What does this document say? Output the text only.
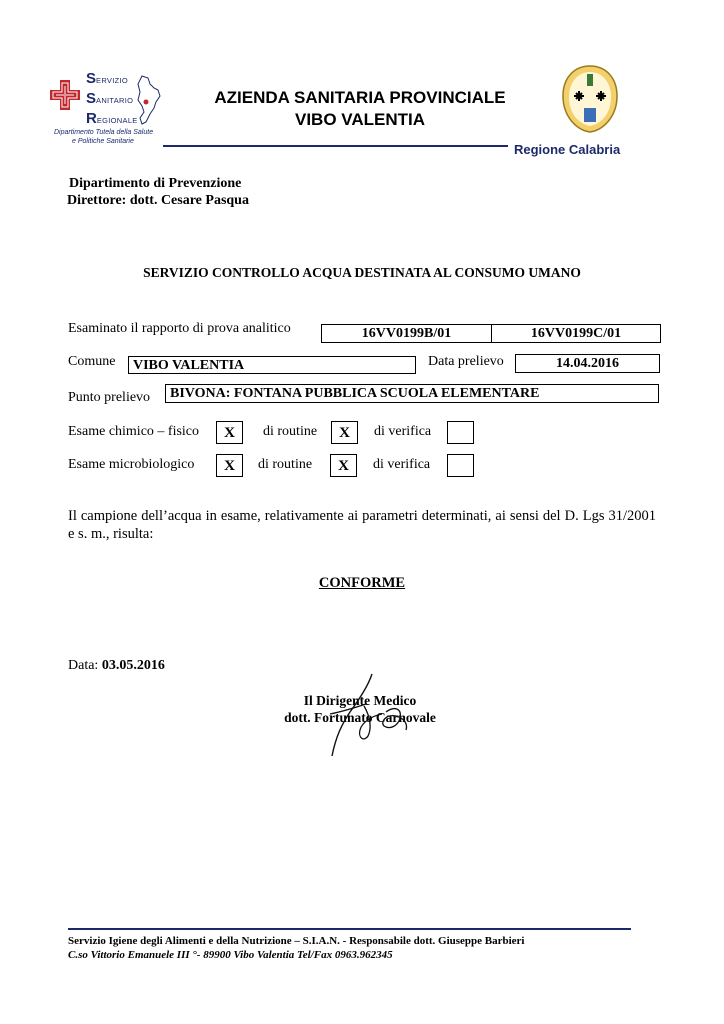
SERVIZIO
SANITARIO
REGIONALE
Dipartimento Tutela della Salute
e Politiche Sanitarie
AZIENDA SANITARIA PROVINCIALE
VIBO VALENTIA
Regione Calabria
Dipartimento di Prevenzione
Direttore: dott. Cesare Pasqua
SERVIZIO CONTROLLO ACQUA DESTINATA AL CONSUMO UMANO
Esaminato il rapporto di prova analitico	16VV0199B/01	16VV0199C/01
Comune	VIBO VALENTIA	Data prelievo	14.04.2016
Punto prelievo	BIVONA: FONTANA PUBBLICA SCUOLA ELEMENTARE
Esame chimico – fisico	X	di routine	X	di verifica
Esame microbiologico	X	di routine	X	di verifica
Il campione dell’acqua in esame, relativamente ai parametri determinati, ai sensi del D. Lgs 31/2001 e s. m., risulta:
CONFORME
Data: 03.05.2016
Il Dirigente Medico
dott. Fortunato Carnovale
Servizio Igiene degli Alimenti e della Nutrizione – S.I.A.N. - Responsabile dott. Giuseppe Barbieri
C.so Vittorio Emanuele III °- 89900 Vibo Valentia Tel/Fax 0963.962345
